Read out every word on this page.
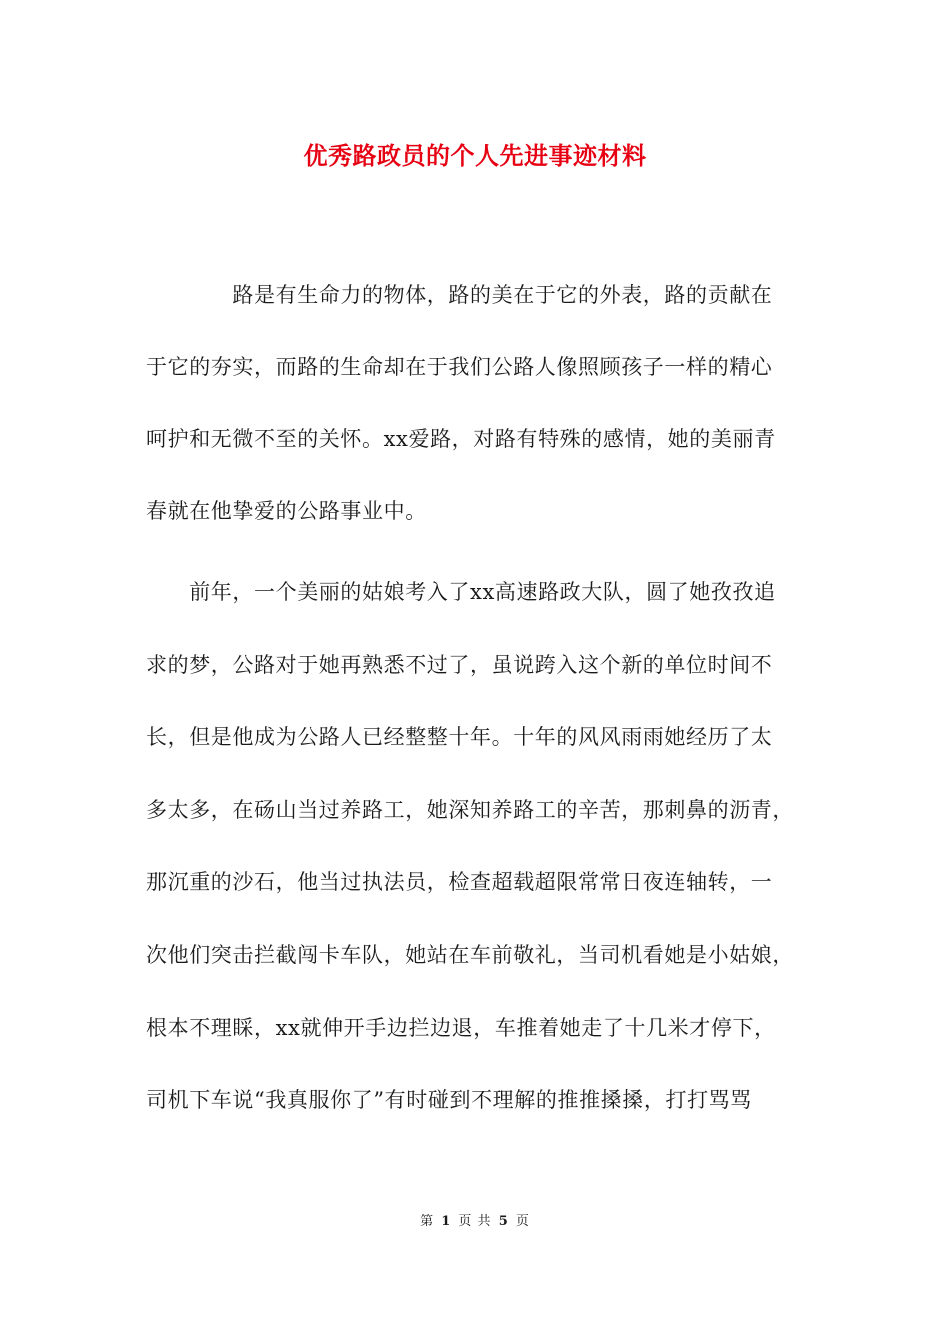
优秀路政员的个人先进事迹材料
　　　　路是有生命力的物体，路的美在于它的外表，路的贡献在
于它的夯实，而路的生命却在于我们公路人像照顾孩子一样的精心
呵护和无微不至的关怀。xx爱路，对路有特殊的感情，她的美丽青
春就在他挚爱的公路事业中。
　　前年，一个美丽的姑娘考入了xx高速路政大队，圆了她孜孜追
求的梦，公路对于她再熟悉不过了，虽说跨入这个新的单位时间不
长，但是他成为公路人已经整整十年。十年的风风雨雨她经历了太
多太多，在砀山当过养路工，她深知养路工的辛苦，那刺鼻的沥青，
那沉重的沙石，他当过执法员，检查超载超限常常日夜连轴转，一
次他们突击拦截闯卡车队，她站在车前敬礼，当司机看她是小姑娘，
根本不理睬，xx就伸开手边拦边退，车推着她走了十几米才停下，
司机下车说“我真服你了”有时碰到不理解的推推搡搡，打打骂骂
第 1 页 共 5 页
